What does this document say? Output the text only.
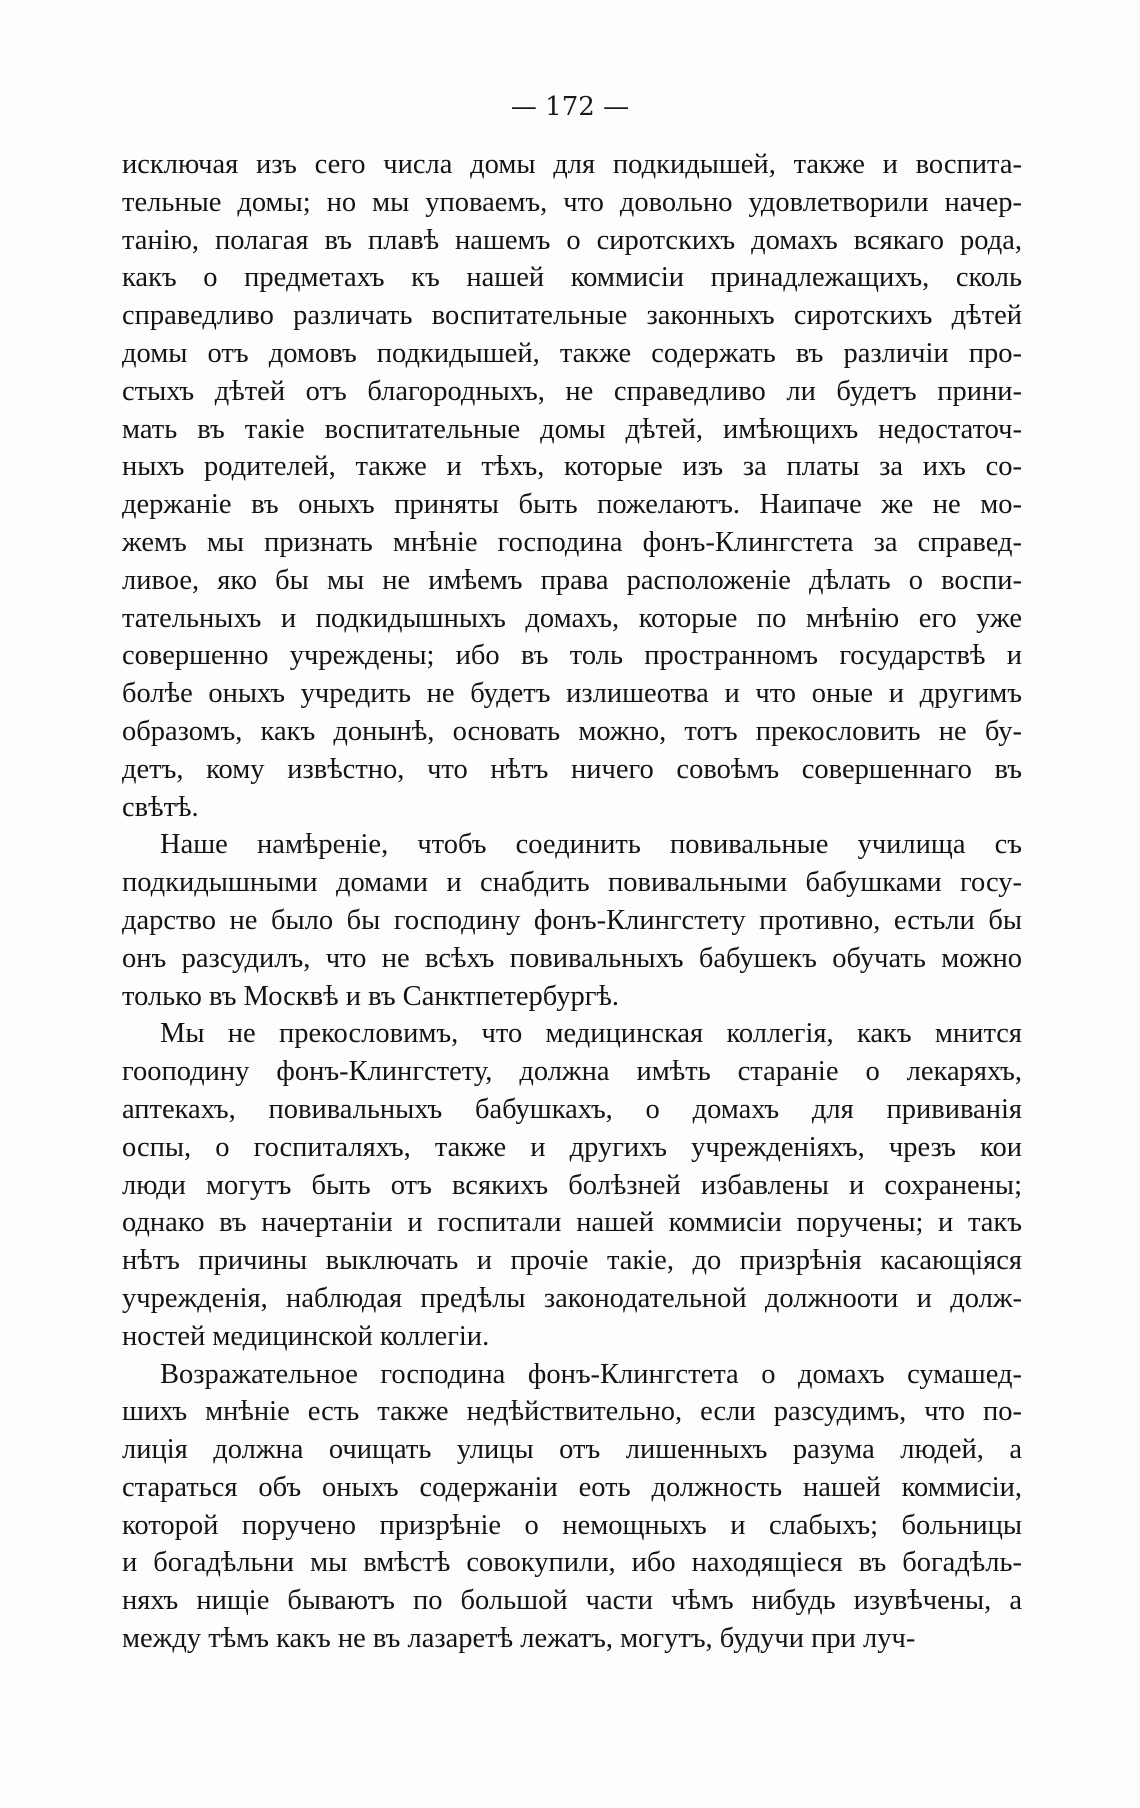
— 172 —
исключая изъ сего числа домы для подкидышей, также и воспита-
тельные домы; но мы уповаемъ, что довольно удовлетворили начер-
танію, полагая въ плавѣ нашемъ о сиротскихъ домахъ всякаго рода,
какъ о предметахъ къ нашей коммисіи принадлежащихъ, сколь
справедливо различать воспитательные законныхъ сиротскихъ дѣтей
домы отъ домовъ подкидышей, также содержать въ различіи про-
стыхъ дѣтей отъ благородныхъ, не справедливо ли будетъ прини-
мать въ такіе воспитательные домы дѣтей, имѣющихъ недостаточ-
ныхъ родителей, также и тѣхъ, которые изъ за платы за ихъ со-
держаніе въ оныхъ приняты быть пожелаютъ. Наипаче же не мо-
жемъ мы признать мнѣніе господина фонъ-Клингстета за справед-
ливое, яко бы мы не имѣемъ права расположеніе дѣлать о воспи-
тательныхъ и подкидышныхъ домахъ, которые по мнѣнію его уже
совершенно учреждены; ибо въ толь пространномъ государствѣ и
болѣе оныхъ учредить не будетъ излишеотва и что оные и другимъ
образомъ, какъ донынѣ, основать можно, тотъ прекословить не бу-
детъ, кому извѣстно, что нѣтъ ничего совоѣмъ совершеннаго въ
свѣтѣ.
Наше намѣреніе, чтобъ соединить повивальные училища съ
подкидышными домами и снабдить повивальными бабушками госу-
дарство не было бы господину фонъ-Клингстету противно, естьли бы
онъ разсудилъ, что не всѣхъ повивальныхъ бабушекъ обучать можно
только въ Москвѣ и въ Санктпетербургѣ.
Мы не прекословимъ, что медицинская коллегія, какъ мнится
гооподину фонъ-Клингстету, должна имѣть стараніе о лекаряхъ,
аптекахъ, повивальныхъ бабушкахъ, о домахъ для прививанія
оспы, о госпиталяхъ, также и другихъ учрежденіяхъ, чрезъ кои
люди могутъ быть отъ всякихъ болѣзней избавлены и сохранены;
однако въ начертаніи и госпитали нашей коммисіи поручены; и такъ
нѣтъ причины выключать и прочіе такіе, до призрѣнія касающіяся
учрежденія, наблюдая предѣлы законодательной должнооти и долж-
ностей медицинской коллегіи.
Возражательное господина фонъ-Клингстета о домахъ сумашед-
шихъ мнѣніе есть также недѣйствительно, если разсудимъ, что по-
лиція должна очищать улицы отъ лишенныхъ разума людей, а
стараться объ оныхъ содержаніи еоть должность нашей коммисіи,
которой поручено призрѣніе о немощныхъ и слабыхъ; больницы
и богадѣльни мы вмѣстѣ совокупили, ибо находящіеся въ богадѣль-
няхъ нищіе бываютъ по большой части чѣмъ нибудь изувѣчены, а
между тѣмъ какъ не въ лазаретѣ лежатъ, могутъ, будучи при луч-
